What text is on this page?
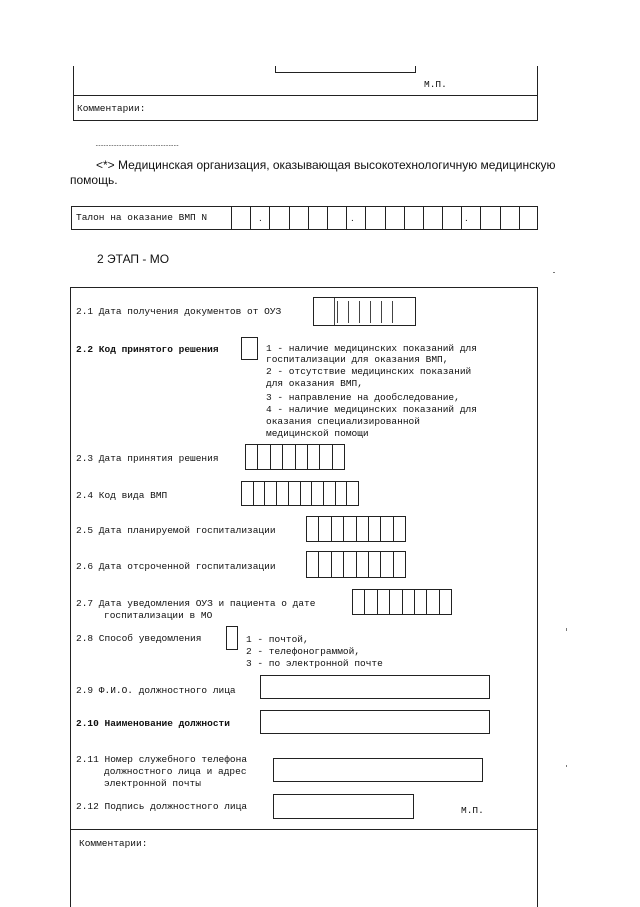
М.П.
Комментарии:
--------------------------------
<*> Медицинская организация, оказывающая высокотехнологичную медицинскую
помощь.
Талон на оказание ВМП N	.	.	.
2 ЭТАП - МО
2.1 Дата получения документов от ОУЗ
2.2 Код принятого решения	1 - наличие медицинских показаний для
госпитализации для оказания ВМП,
2 - отсутствие медицинских показаний
для оказания ВМП,
3 - направление на дообследование,
4 - наличие медицинских показаний для
оказания специализированной
медицинской помощи
2.3 Дата принятия решения
2.4 Код вида ВМП
2.5 Дата планируемой госпитализации
2.6 Дата отсроченной госпитализации
2.7 Дата уведомления ОУЗ и пациента о дате
госпитализации в МО
2.8 Способ уведомления	1 - почтой,
2 - телефонограммой,
3 - по электронной почте
2.9 Ф.И.О. должностного лица
2.10 Наименование должности
2.11 Номер служебного телефона
должностного лица и адрес
электронной почты
2.12 Подпись должностного лица	М.П.
Комментарии:
